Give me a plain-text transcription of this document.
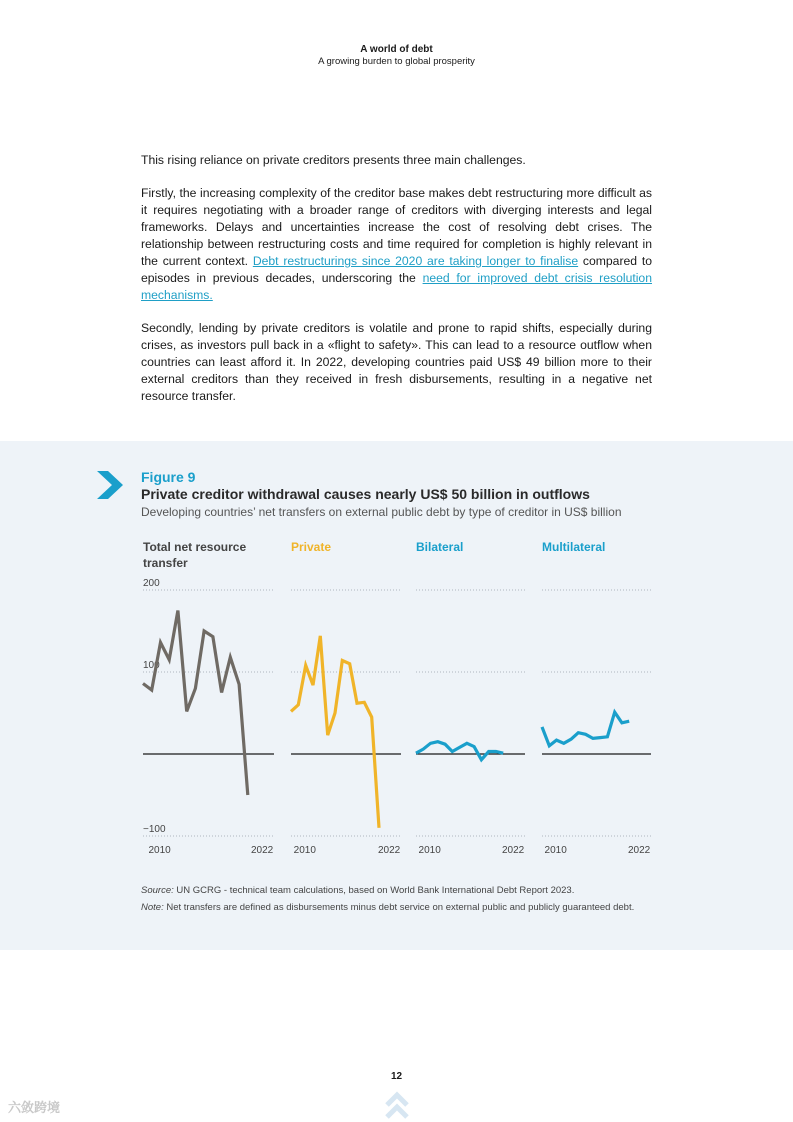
A world of debt
A growing burden to global prosperity

This rising reliance on private creditors presents three main challenges.

Firstly, the increasing complexity of the creditor base makes debt restructuring more difficult as it requires negotiating with a broader range of creditors with diverging interests and legal frameworks. Delays and uncertainties increase the cost of resolving debt crises. The relationship between restructuring costs and time required for completion is highly relevant in the current context. Debt restructurings since 2020 are taking longer to finalise compared to episodes in previous decades, underscoring the need for improved debt crisis resolution mechanisms.

Secondly, lending by private creditors is volatile and prone to rapid shifts, especially during crises, as investors pull back in a «flight to safety». This can lead to a resource outflow when countries can least afford it. In 2022, developing countries paid US$ 49 billion more to their external creditors than they received in fresh disbursements, resulting in a negative net resource transfer.

Figure 9
Private creditor withdrawal causes nearly US$ 50 billion in outflows
Developing countries’ net transfers on external public debt by type of creditor in US$ billion
200
100
−100
Total net resource
transfer
2010	2022
Private
2010	2022
Bilateral
2010	2022
Multilateral
2010	2022

Source: UN GCRG - technical team calculations, based on World Bank International Debt Report 2023.

Note: Net transfers are defined as disbursements minus debt service on external public and publicly guaranteed debt.

12
六敛跨境
